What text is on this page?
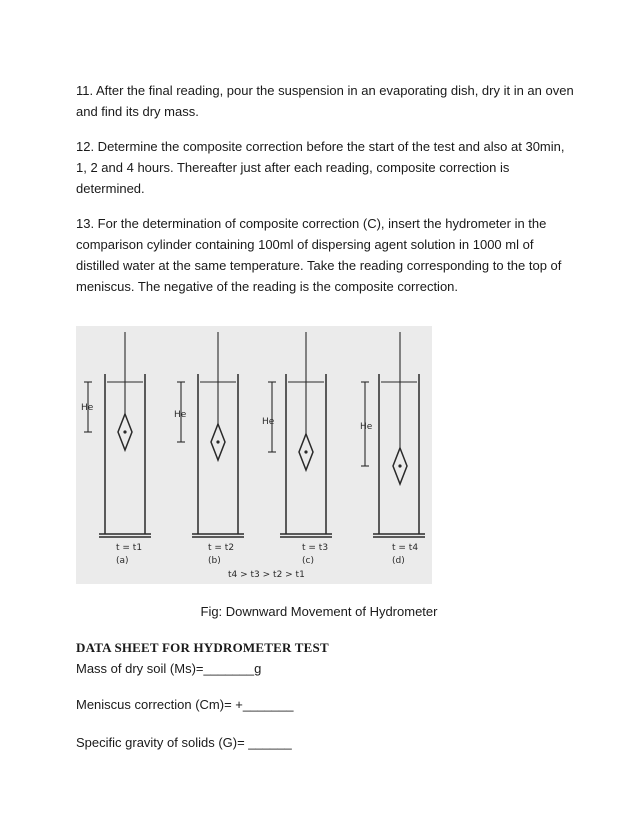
11. After the final reading, pour the suspension in an evaporating dish, dry it in an oven and find its dry mass.

12. Determine the composite correction before the start of the test and also at 30min, 1, 2 and 4 hours. Thereafter just after each reading, composite correction is determined.

13. For the determination of composite correction (C), insert the hydrometer in the comparison cylinder containing 100ml of dispersing agent solution in 1000 ml of distilled water at the same temperature. Take the reading corresponding to the top of meniscus. The negative of the reading is the composite correction.

He
t = t1
(a)
He
t = t2
(b)
He
t = t3
(c)
He
t = t4
(d)
t4 > t3 > t2 > t1

Fig: Downward Movement of Hydrometer

DATA SHEET FOR HYDROMETER TEST

Mass of dry soil (Ms)=_______g

Meniscus correction (Cm)= +_______

Specific gravity of solids (G)= ______
